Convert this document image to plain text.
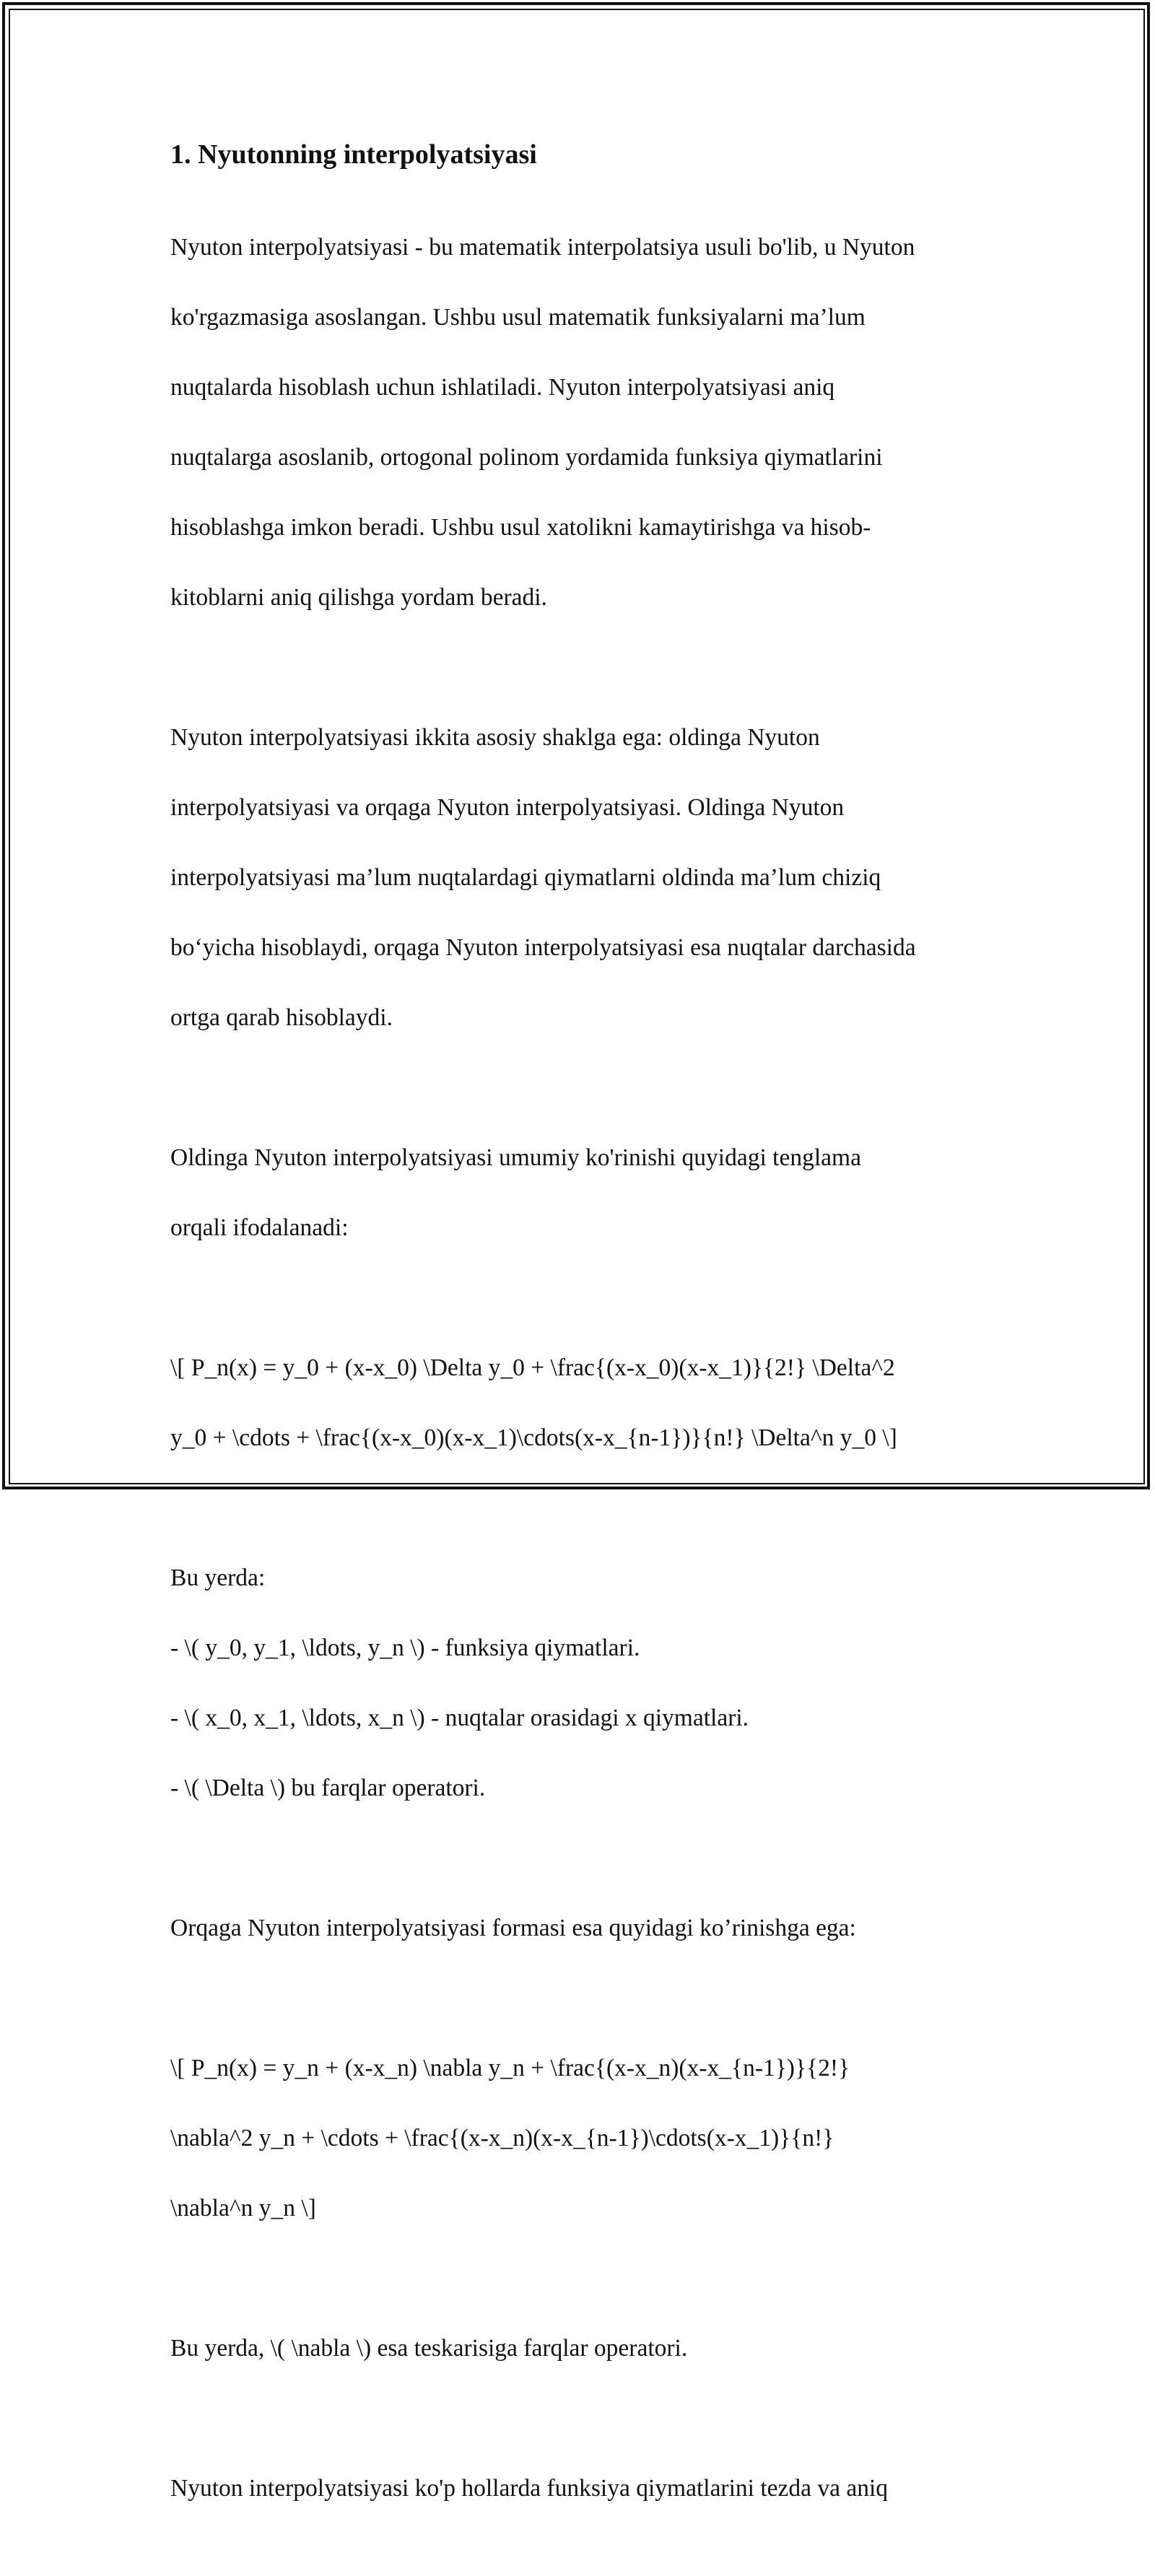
1. Nyutonning interpolyatsiyasi

Nyuton interpolyatsiyasi - bu matematik interpolatsiya usuli bo'lib, u Nyuton

ko'rgazmasiga asoslangan. Ushbu usul matematik funksiyalarni ma’lum

nuqtalarda hisoblash uchun ishlatiladi. Nyuton interpolyatsiyasi aniq

nuqtalarga asoslanib, ortogonal polinom yordamida funksiya qiymatlarini

hisoblashga imkon beradi. Ushbu usul xatolikni kamaytirishga va hisob-

kitoblarni aniq qilishga yordam beradi.

Nyuton interpolyatsiyasi ikkita asosiy shaklga ega: oldinga Nyuton

interpolyatsiyasi va orqaga Nyuton interpolyatsiyasi. Oldinga Nyuton

interpolyatsiyasi ma’lum nuqtalardagi qiymatlarni oldinda ma’lum chiziq

bo‘yicha hisoblaydi, orqaga Nyuton interpolyatsiyasi esa nuqtalar darchasida

ortga qarab hisoblaydi.

Oldinga Nyuton interpolyatsiyasi umumiy ko'rinishi quyidagi tenglama

orqali ifodalanadi:

\[ P_n(x) = y_0 + (x-x_0) \Delta y_0 + \frac{(x-x_0)(x-x_1)}{2!} \Delta^2

y_0 + \cdots + \frac{(x-x_0)(x-x_1)\cdots(x-x_{n-1})}{n!} \Delta^n y_0 \]

Bu yerda:

- \( y_0, y_1, \ldots, y_n \) - funksiya qiymatlari.

- \( x_0, x_1, \ldots, x_n \) - nuqtalar orasidagi x qiymatlari.

- \( \Delta \) bu farqlar operatori.

Orqaga Nyuton interpolyatsiyasi formasi esa quyidagi ko’rinishga ega:

\[ P_n(x) = y_n + (x-x_n) \nabla y_n + \frac{(x-x_n)(x-x_{n-1})}{2!}

\nabla^2 y_n + \cdots + \frac{(x-x_n)(x-x_{n-1})\cdots(x-x_1)}{n!}

\nabla^n y_n \]

Bu yerda, \( \nabla \) esa teskarisiga farqlar operatori.

Nyuton interpolyatsiyasi ko'p hollarda funksiya qiymatlarini tezda va aniq
